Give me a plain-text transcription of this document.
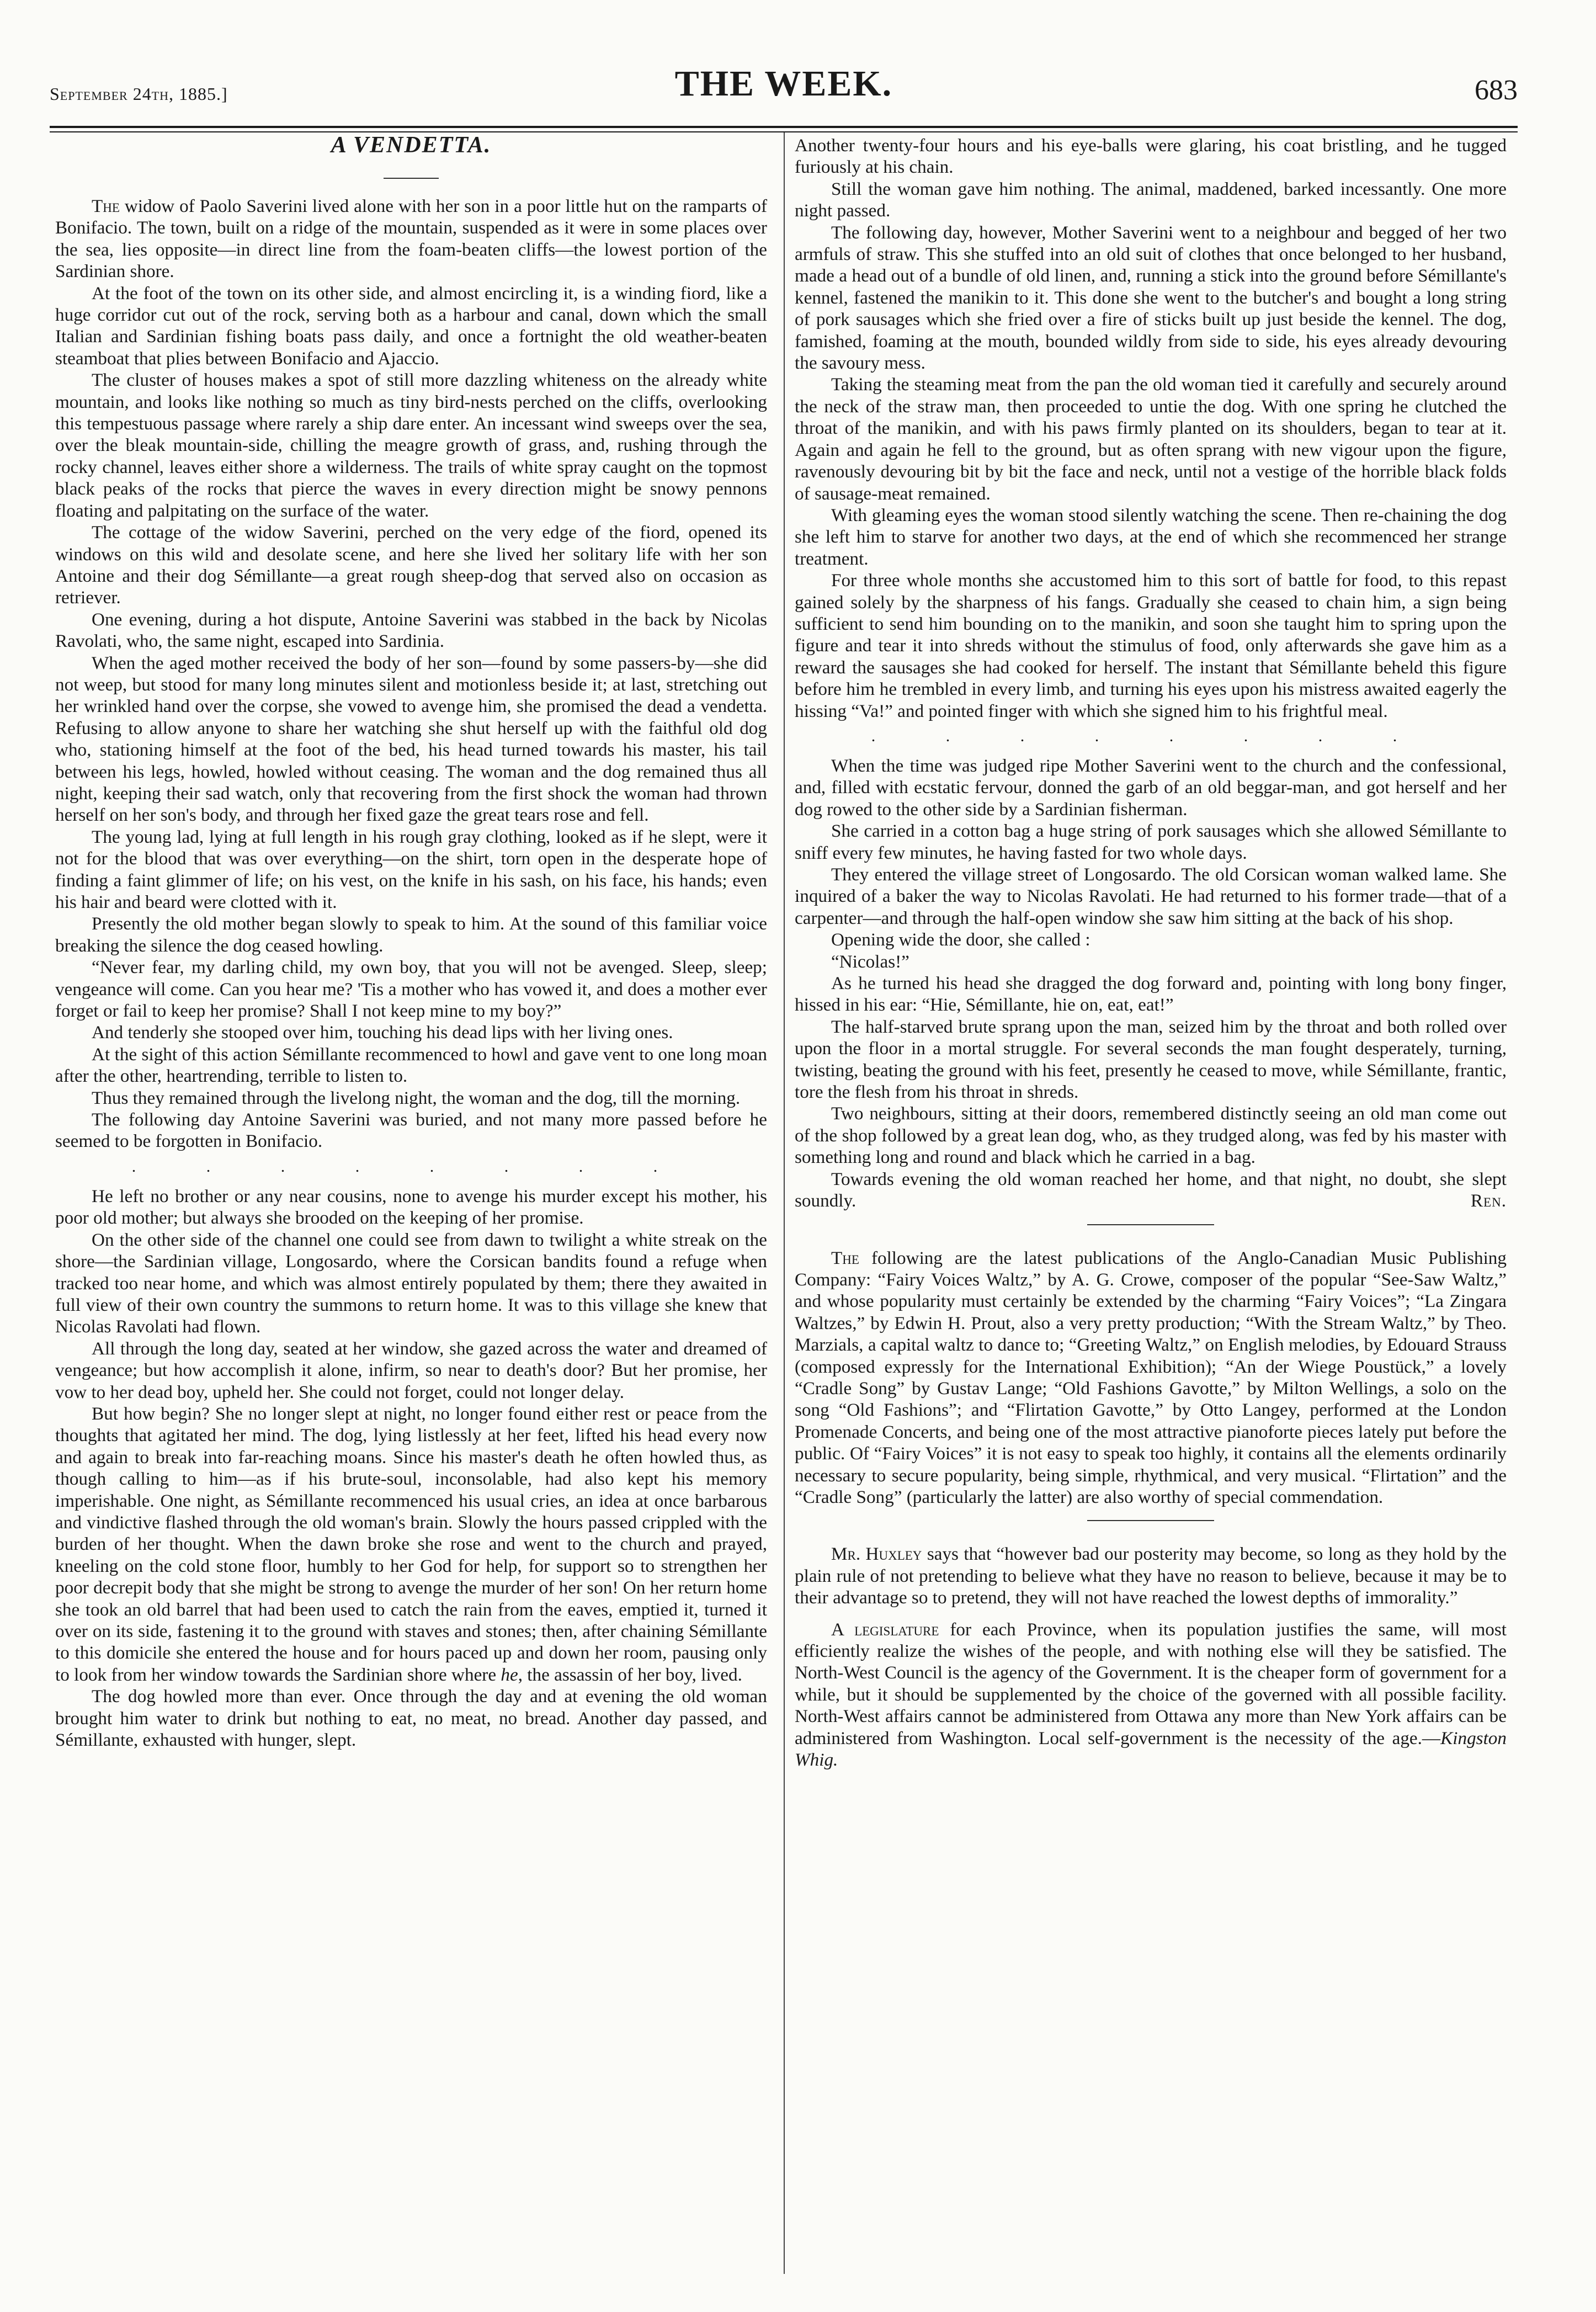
September 24th, 1885.]	THE WEEK.	683
A VENDETTA.

The widow of Paolo Saverini lived alone with her son in a poor little hut on the ramparts of Bonifacio. The town, built on a ridge of the mountain, suspended as it were in some places over the sea, lies opposite—in direct line from the foam-beaten cliffs—the lowest portion of the Sardinian shore.

At the foot of the town on its other side, and almost encircling it, is a winding fiord, like a huge corridor cut out of the rock, serving both as a harbour and canal, down which the small Italian and Sardinian fishing boats pass daily, and once a fortnight the old weather-beaten steamboat that plies between Bonifacio and Ajaccio.

The cluster of houses makes a spot of still more dazzling whiteness on the already white mountain, and looks like nothing so much as tiny bird-nests perched on the cliffs, overlooking this tempestuous passage where rarely a ship dare enter. An incessant wind sweeps over the sea, over the bleak mountain-side, chilling the meagre growth of grass, and, rushing through the rocky channel, leaves either shore a wilderness. The trails of white spray caught on the topmost black peaks of the rocks that pierce the waves in every direction might be snowy pennons floating and palpitating on the surface of the water.

The cottage of the widow Saverini, perched on the very edge of the fiord, opened its windows on this wild and desolate scene, and here she lived her solitary life with her son Antoine and their dog Sémillante—a great rough sheep-dog that served also on occasion as retriever.

One evening, during a hot dispute, Antoine Saverini was stabbed in the back by Nicolas Ravolati, who, the same night, escaped into Sardinia.

When the aged mother received the body of her son—found by some passers-by—she did not weep, but stood for many long minutes silent and motionless beside it; at last, stretching out her wrinkled hand over the corpse, she vowed to avenge him, she promised the dead a vendetta. Refusing to allow anyone to share her watching she shut herself up with the faithful old dog who, stationing himself at the foot of the bed, his head turned towards his master, his tail between his legs, howled, howled without ceasing. The woman and the dog remained thus all night, keeping their sad watch, only that recovering from the first shock the woman had thrown herself on her son's body, and through her fixed gaze the great tears rose and fell.

The young lad, lying at full length in his rough gray clothing, looked as if he slept, were it not for the blood that was over everything—on the shirt, torn open in the desperate hope of finding a faint glimmer of life; on his vest, on the knife in his sash, on his face, his hands; even his hair and beard were clotted with it.

Presently the old mother began slowly to speak to him. At the sound of this familiar voice breaking the silence the dog ceased howling.

“Never fear, my darling child, my own boy, that you will not be avenged. Sleep, sleep; vengeance will come. Can you hear me? 'Tis a mother who has vowed it, and does a mother ever forget or fail to keep her promise? Shall I not keep mine to my boy?”

And tenderly she stooped over him, touching his dead lips with her living ones.

At the sight of this action Sémillante recommenced to howl and gave vent to one long moan after the other, heartrending, terrible to listen to.

Thus they remained through the livelong night, the woman and the dog, till the morning.

The following day Antoine Saverini was buried, and not many more passed before he seemed to be forgotten in Bonifacio.

. . . . . . . .

He left no brother or any near cousins, none to avenge his murder except his mother, his poor old mother; but always she brooded on the keeping of her promise.

On the other side of the channel one could see from dawn to twilight a white streak on the shore—the Sardinian village, Longosardo, where the Corsican bandits found a refuge when tracked too near home, and which was almost entirely populated by them; there they awaited in full view of their own country the summons to return home. It was to this village she knew that Nicolas Ravolati had flown.

All through the long day, seated at her window, she gazed across the water and dreamed of vengeance; but how accomplish it alone, infirm, so near to death's door? But her promise, her vow to her dead boy, upheld her. She could not forget, could not longer delay.

But how begin? She no longer slept at night, no longer found either rest or peace from the thoughts that agitated her mind. The dog, lying listlessly at her feet, lifted his head every now and again to break into far-reaching moans. Since his master's death he often howled thus, as though calling to him—as if his brute-soul, inconsolable, had also kept his memory imperishable. One night, as Sémillante recommenced his usual cries, an idea at once barbarous and vindictive flashed through the old woman's brain. Slowly the hours passed crippled with the burden of her thought. When the dawn broke she rose and went to the church and prayed, kneeling on the cold stone floor, humbly to her God for help, for support so to strengthen her poor decrepit body that she might be strong to avenge the murder of her son! On her return home she took an old barrel that had been used to catch the rain from the eaves, emptied it, turned it over on its side, fastening it to the ground with staves and stones; then, after chaining Sémillante to this domicile she entered the house and for hours paced up and down her room, pausing only to look from her window towards the Sardinian shore where he, the assassin of her boy, lived.

The dog howled more than ever. Once through the day and at evening the old woman brought him water to drink but nothing to eat, no meat, no bread. Another day passed, and Sémillante, exhausted with hunger, slept.

Another twenty-four hours and his eye-balls were glaring, his coat bristling, and he tugged furiously at his chain.

Still the woman gave him nothing. The animal, maddened, barked incessantly. One more night passed.

The following day, however, Mother Saverini went to a neighbour and begged of her two armfuls of straw. This she stuffed into an old suit of clothes that once belonged to her husband, made a head out of a bundle of old linen, and, running a stick into the ground before Sémillante's kennel, fastened the manikin to it. This done she went to the butcher's and bought a long string of pork sausages which she fried over a fire of sticks built up just beside the kennel. The dog, famished, foaming at the mouth, bounded wildly from side to side, his eyes already devouring the savoury mess.

Taking the steaming meat from the pan the old woman tied it carefully and securely around the neck of the straw man, then proceeded to untie the dog. With one spring he clutched the throat of the manikin, and with his paws firmly planted on its shoulders, began to tear at it. Again and again he fell to the ground, but as often sprang with new vigour upon the figure, ravenously devouring bit by bit the face and neck, until not a vestige of the horrible black folds of sausage-meat remained.

With gleaming eyes the woman stood silently watching the scene. Then re-chaining the dog she left him to starve for another two days, at the end of which she recommenced her strange treatment.

For three whole months she accustomed him to this sort of battle for food, to this repast gained solely by the sharpness of his fangs. Gradually she ceased to chain him, a sign being sufficient to send him bounding on to the manikin, and soon she taught him to spring upon the figure and tear it into shreds without the stimulus of food, only afterwards she gave him as a reward the sausages she had cooked for herself. The instant that Sémillante beheld this figure before him he trembled in every limb, and turning his eyes upon his mistress awaited eagerly the hissing “Va!” and pointed finger with which she signed him to his frightful meal.

. . . . . . . .

When the time was judged ripe Mother Saverini went to the church and the confessional, and, filled with ecstatic fervour, donned the garb of an old beggar-man, and got herself and her dog rowed to the other side by a Sardinian fisherman.

She carried in a cotton bag a huge string of pork sausages which she allowed Sémillante to sniff every few minutes, he having fasted for two whole days.

They entered the village street of Longosardo. The old Corsican woman walked lame. She inquired of a baker the way to Nicolas Ravolati. He had returned to his former trade—that of a carpenter—and through the half-open window she saw him sitting at the back of his shop.

Opening wide the door, she called :

“Nicolas!”

As he turned his head she dragged the dog forward and, pointing with long bony finger, hissed in his ear: “Hie, Sémillante, hie on, eat, eat!”

The half-starved brute sprang upon the man, seized him by the throat and both rolled over upon the floor in a mortal struggle. For several seconds the man fought desperately, turning, twisting, beating the ground with his feet, presently he ceased to move, while Sémillante, frantic, tore the flesh from his throat in shreds.

Two neighbours, sitting at their doors, remembered distinctly seeing an old man come out of the shop followed by a great lean dog, who, as they trudged along, was fed by his master with something long and round and black which he carried in a bag.

Towards evening the old woman reached her home, and that night, no doubt, she slept soundly.	Ren.

The following are the latest publications of the Anglo-Canadian Music Publishing Company: “Fairy Voices Waltz,” by A. G. Crowe, composer of the popular “See-Saw Waltz,” and whose popularity must certainly be extended by the charming “Fairy Voices”; “La Zingara Waltzes,” by Edwin H. Prout, also a very pretty production; “With the Stream Waltz,” by Theo. Marzials, a capital waltz to dance to; “Greeting Waltz,” on English melodies, by Edouard Strauss (composed expressly for the International Exhibition); “An der Wiege Poustück,” a lovely “Cradle Song” by Gustav Lange; “Old Fashions Gavotte,” by Milton Wellings, a solo on the song “Old Fashions”; and “Flirtation Gavotte,” by Otto Langey, performed at the London Promenade Concerts, and being one of the most attractive pianoforte pieces lately put before the public. Of “Fairy Voices” it is not easy to speak too highly, it contains all the elements ordinarily necessary to secure popularity, being simple, rhythmical, and very musical. “Flirtation” and the “Cradle Song” (particularly the latter) are also worthy of special commendation.

Mr. Huxley says that “however bad our posterity may become, so long as they hold by the plain rule of not pretending to believe what they have no reason to believe, because it may be to their advantage so to pretend, they will not have reached the lowest depths of immorality.”

A legislature for each Province, when its population justifies the same, will most efficiently realize the wishes of the people, and with nothing else will they be satisfied. The North-West Council is the agency of the Government. It is the cheaper form of government for a while, but it should be supplemented by the choice of the governed with all possible facility. North-West affairs cannot be administered from Ottawa any more than New York affairs can be administered from Washington. Local self-government is the necessity of the age.—Kingston Whig.
